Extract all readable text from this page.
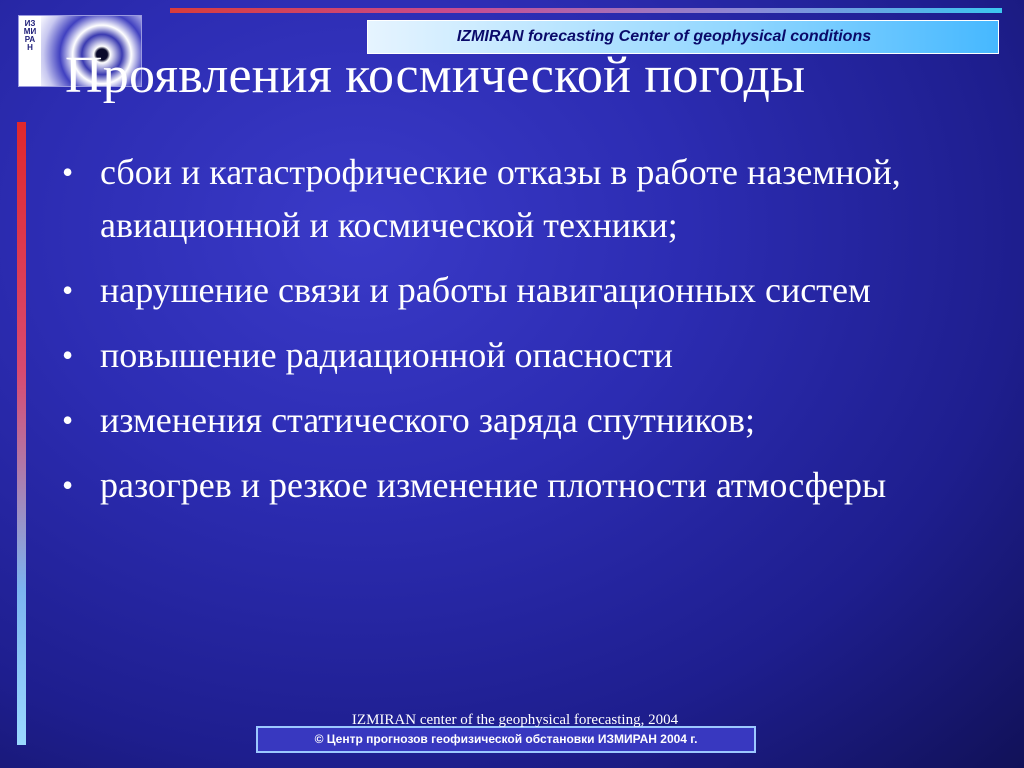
ИЗМИРАН
IZMIRAN forecasting Center of geophysical conditions
Проявления космической погоды
• сбои и катастрофические отказы в работе наземной, авиационной и космической техники;
• нарушение связи и работы навигационных систем
• повышение радиационной опасности
• изменения статического заряда спутников;
• разогрев и резкое изменение плотности атмосферы
© Центр прогнозов геофизической обстановки ИЗМИРАН 2004 г.
IZMIRAN center of the geophysical forecasting, 2004
